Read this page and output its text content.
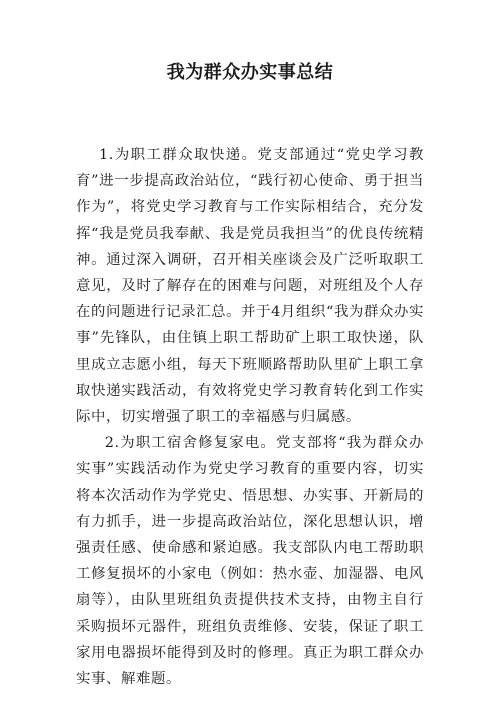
我为群众办实事总结

1.为职工群众取快递。党支部通过“党史学习教育”进一步提高政治站位，“践行初心使命、勇于担当作为”，将党史学习教育与工作实际相结合，充分发挥“我是党员我奉献、我是党员我担当”的优良传统精神。通过深入调研，召开相关座谈会及广泛听取职工意见，及时了解存在的困难与问题，对班组及个人存在的问题进行记录汇总。并于4月组织“我为群众办实事”先锋队，由住镇上职工帮助矿上职工取快递，队里成立志愿小组，每天下班顺路帮助队里矿上职工拿取快递实践活动，有效将党史学习教育转化到工作实际中，切实增强了职工的幸福感与归属感。

2.为职工宿舍修复家电。党支部将“我为群众办实事”实践活动作为党史学习教育的重要内容，切实将本次活动作为学党史、悟思想、办实事、开新局的有力抓手，进一步提高政治站位，深化思想认识，增强责任感、使命感和紧迫感。我支部队内电工帮助职工修复损坏的小家电（例如：热水壶、加湿器、电风扇等），由队里班组负责提供技术支持，由物主自行采购损坏元器件，班组负责维修、安装，保证了职工家用电器损坏能得到及时的修理。真正为职工群众办实事、解难题。
